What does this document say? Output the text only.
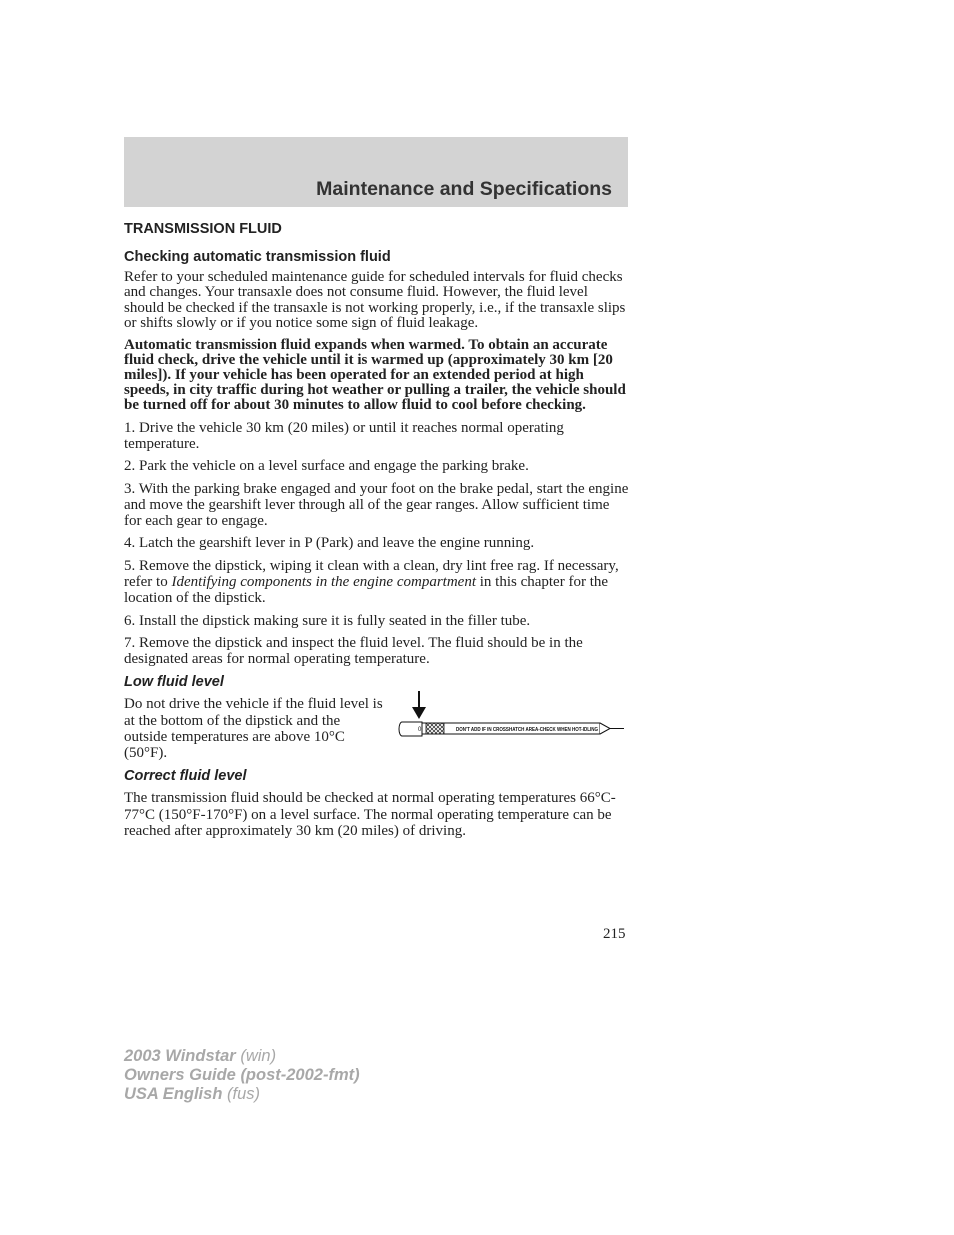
Maintenance and Specifications
TRANSMISSION FLUID
Checking automatic transmission fluid

Refer to your scheduled maintenance guide for scheduled intervals for fluid checks and changes. Your transaxle does not consume fluid. However, the fluid level should be checked if the transaxle is not working properly, i.e., if the transaxle slips or shifts slowly or if you notice some sign of fluid leakage.

Automatic transmission fluid expands when warmed. To obtain an accurate fluid check, drive the vehicle until it is warmed up (approximately 30 km [20 miles]). If your vehicle has been operated for an extended period at high speeds, in city traffic during hot weather or pulling a trailer, the vehicle should be turned off for about 30 minutes to allow fluid to cool before checking.

1. Drive the vehicle 30 km (20 miles) or until it reaches normal operating temperature.

2. Park the vehicle on a level surface and engage the parking brake.

3. With the parking brake engaged and your foot on the brake pedal, start the engine and move the gearshift lever through all of the gear ranges. Allow sufficient time for each gear to engage.

4. Latch the gearshift lever in P (Park) and leave the engine running.

5. Remove the dipstick, wiping it clean with a clean, dry lint free rag. If necessary, refer to Identifying components in the engine compartment in this chapter for the location of the dipstick.

6. Install the dipstick making sure it is fully seated in the filler tube.

7. Remove the dipstick and inspect the fluid level. The fluid should be in the designated areas for normal operating temperature.

Low fluid level
Do not drive the vehicle if the fluid level is at the bottom of the dipstick and the outside temperatures are above 10°C (50°F).
0	DON'T ADD IF IN CROSSHATCH AREA-CHECK WHEN HOT-IDLING
Correct fluid level

The transmission fluid should be checked at normal operating temperatures 66°C-77°C (150°F-170°F) on a level surface. The normal operating temperature can be reached after approximately 30 km (20 miles) of driving.

215
2003 Windstar (win)
Owners Guide (post-2002-fmt)
USA English (fus)
